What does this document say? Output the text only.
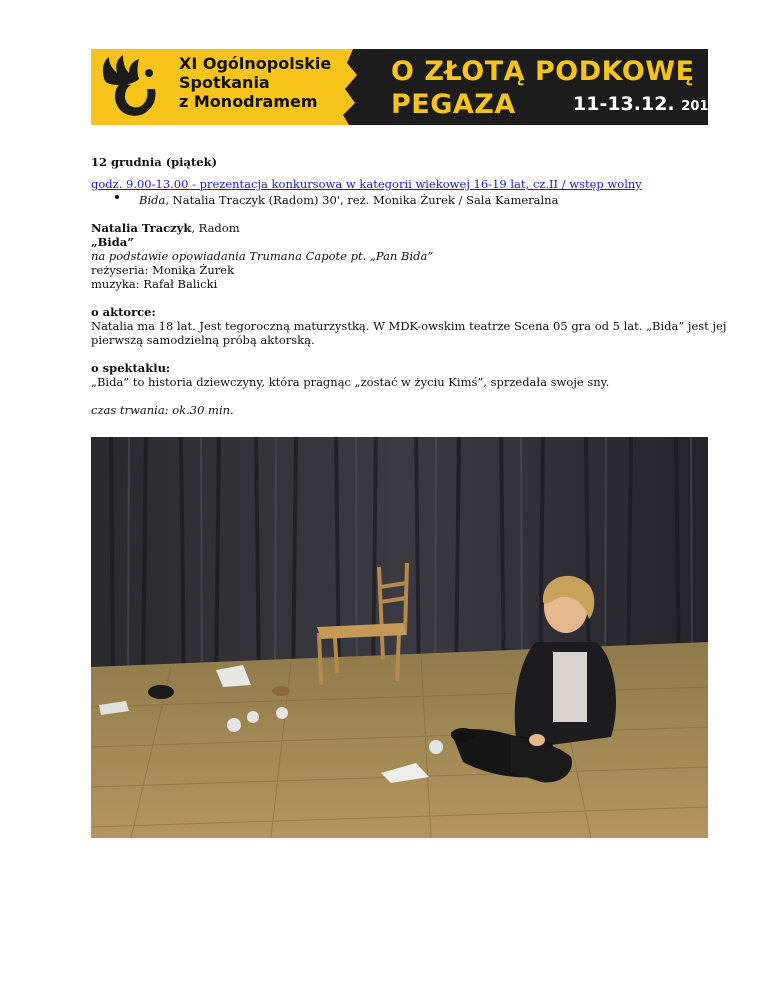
XI Ogólnopolskie
Spotkania
z Monodramem
O ZŁOTĄ PODKOWĘ
PEGAZA	11-13.12. 2014
12 grudnia (piątek)
godz. 9.00-13.00 - prezentacja konkursowa w kategorii wiekowej 16-19 lat, cz.II / wstęp wolny
Bida, Natalia Traczyk (Radom) 30', reż. Monika Żurek / Sala Kameralna
Natalia Traczyk, Radom
„Bida”
na podstawie opowiadania Trumana Capote pt. „Pan Bida”
reżyseria: Monika Żurek
muzyka: Rafał Balicki
o aktorce:
Natalia ma 18 lat. Jest tegoroczną maturzystką. W MDK-owskim teatrze Scena 05 gra od 5 lat. „Bida” jest jej
pierwszą samodzielną próbą aktorską.
o spektaklu:
„Bida” to historia dziewczyny, która pragnąc „zostać w życiu Kimś”, sprzedała swoje sny.
czas trwania: ok.30 min.
